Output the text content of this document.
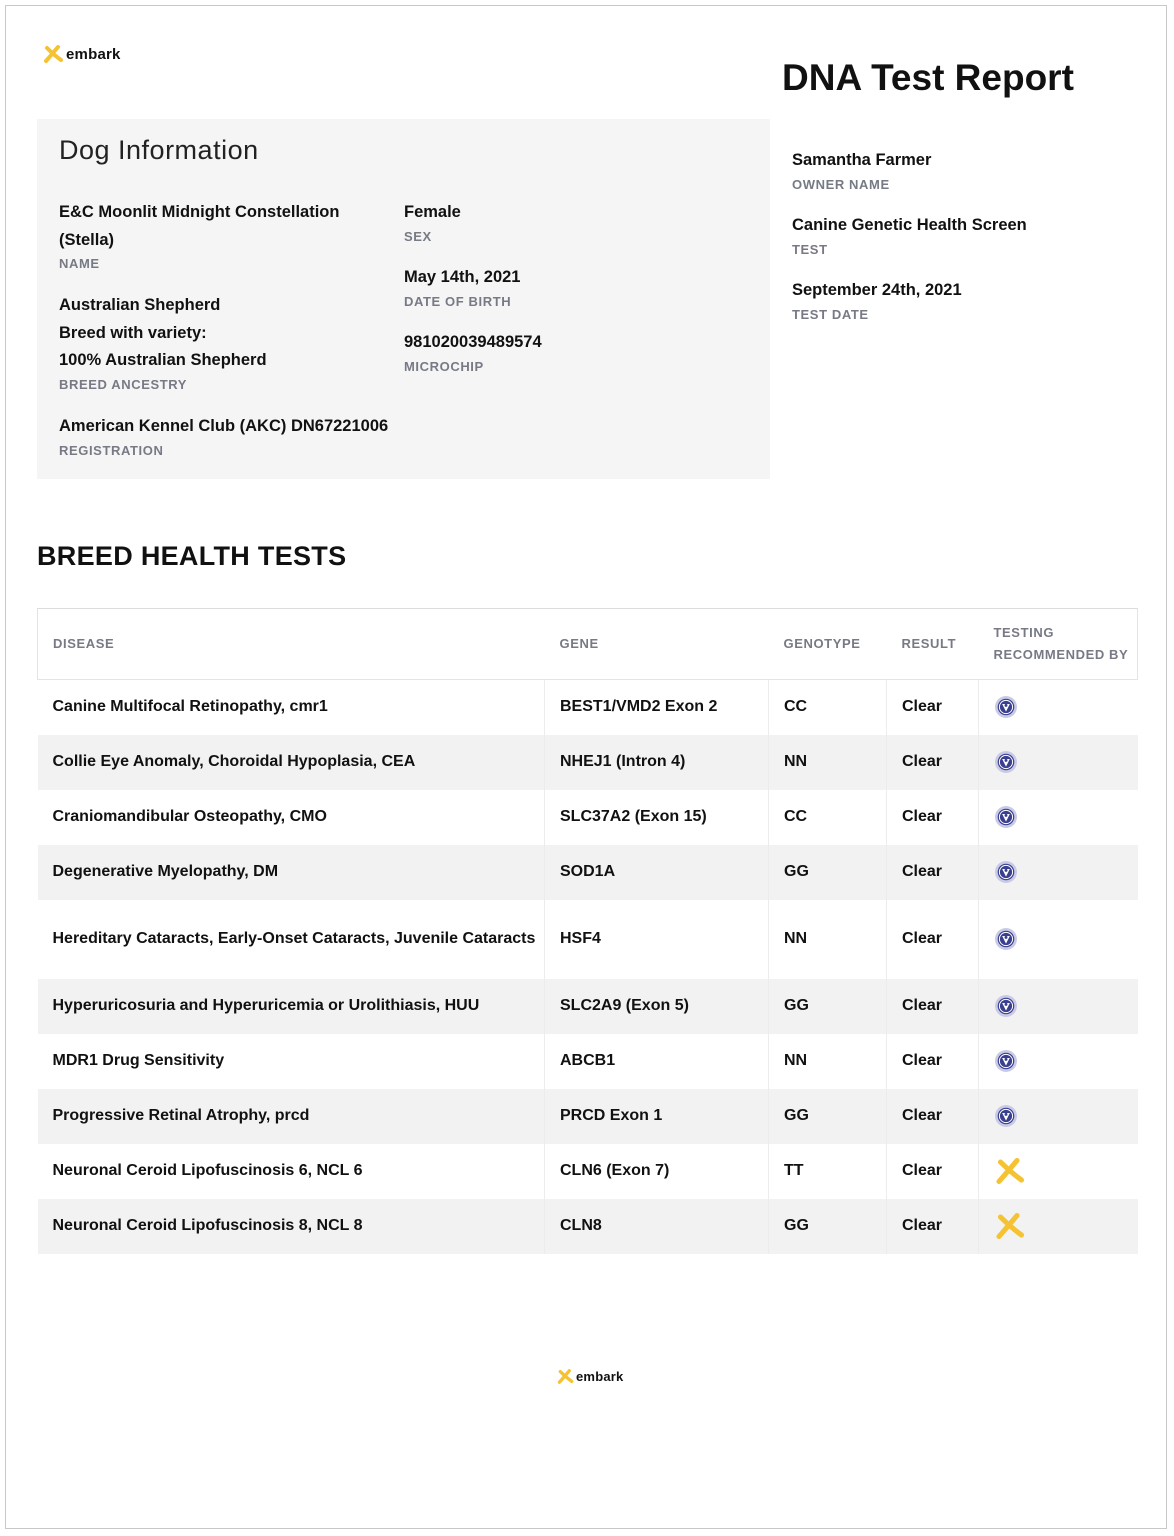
embark
DNA Test Report
Dog Information
E&C Moonlit Midnight Constellation
(Stella)
NAME
Australian Shepherd
Breed with variety:
100% Australian Shepherd
BREED ANCESTRY
American Kennel Club (AKC) DN67221006
REGISTRATION
Female
SEX
May 14th, 2021
DATE OF BIRTH
981020039489574
MICROCHIP
Samantha Farmer
OWNER NAME
Canine Genetic Health Screen
TEST
September 24th, 2021
TEST DATE
BREED HEALTH TESTS
DISEASE	GENE	GENOTYPE	RESULT	TESTING
RECOMMENDED BY
Canine Multifocal Retinopathy, cmr1	BEST1/VMD2 Exon 2	CC	Clear	
Collie Eye Anomaly, Choroidal Hypoplasia, CEA	NHEJ1 (Intron 4)	NN	Clear	
Craniomandibular Osteopathy, CMO	SLC37A2 (Exon 15)	CC	Clear	
Degenerative Myelopathy, DM	SOD1A	GG	Clear	
Hereditary Cataracts, Early-Onset Cataracts, Juvenile Cataracts	HSF4	NN	Clear	
Hyperuricosuria and Hyperuricemia or Urolithiasis, HUU	SLC2A9 (Exon 5)	GG	Clear	
MDR1 Drug Sensitivity	ABCB1	NN	Clear	
Progressive Retinal Atrophy, prcd	PRCD Exon 1	GG	Clear	
Neuronal Ceroid Lipofuscinosis 6, NCL 6	CLN6 (Exon 7)	TT	Clear	
Neuronal Ceroid Lipofuscinosis 8, NCL 8	CLN8	GG	Clear	
embark
